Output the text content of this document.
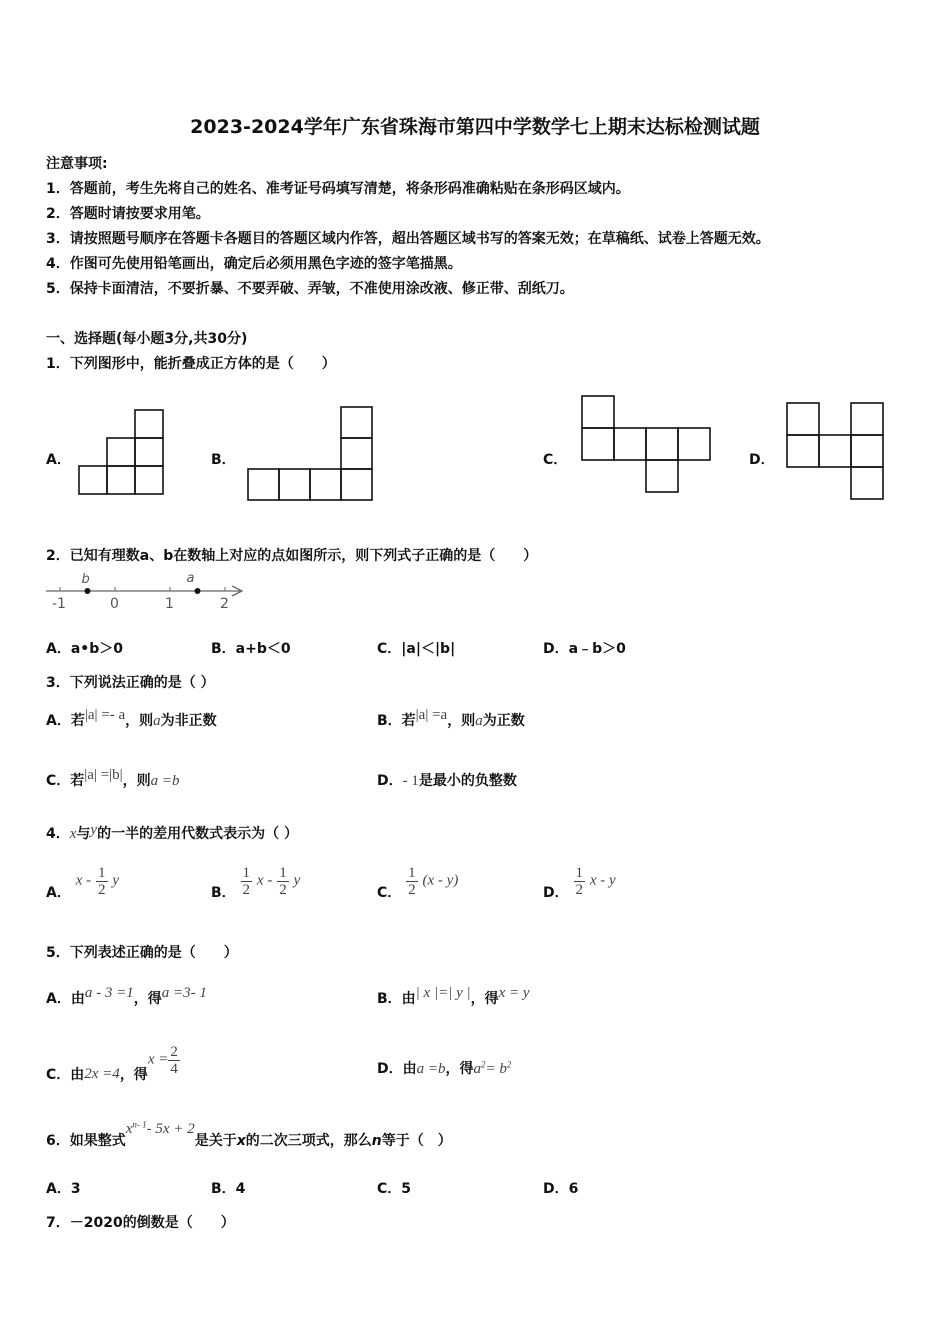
2023-2024学年广东省珠海市第四中学数学七上期末达标检测试题
注意事项:
1．答题前，考生先将自己的姓名、准考证号码填写清楚，将条形码准确粘贴在条形码区域内。
2．答题时请按要求用笔。
3．请按照题号顺序在答题卡各题目的答题区域内作答，超出答题区域书写的答案无效；在草稿纸、试卷上答题无效。
4．作图可先使用铅笔画出，确定后必须用黑色字迹的签字笔描黑。
5．保持卡面清洁，不要折暴、不要弄破、弄皱，不准使用涂改液、修正带、刮纸刀。
一、选择题(每小题3分,共30分)
1．下列图形中，能折叠成正方体的是（　　）
A．	B．	C．	D．
2．已知有理数a、b在数轴上对应的点如图所示，则下列式子正确的是（　　）
-1	0	1	2
b	a
A．a•b＞0	B．a+b＜0	C．|a|＜|b|	D．a﹣b＞0
3．下列说法正确的是（ ）
A．若|a| =- a，则a为非正数	B．若|a| =a，则a为正数
C．若|a| =|b|，则a =b	D．- 1是最小的负整数
4．x与y的一半的差用代数式表示为（ ）
A． x - $\frac{1}{2}$ y
B． $\frac{1}{2}$ x - $\frac{1}{2}$ y
C． $\frac{1}{2} (x - y)$
D． $\frac{1}{2}$ x - y
5．下列表述正确的是（　　）
A．由a - 3 =1，得a =3- 1	B．由| x |=| y |，得x = y
C．由2x =4，得$x = \frac{2}{4}$	D．由a =b，得$a^2= b^2$
6．如果整式$x^{n- 1}-$ 5x + 2是关于x的二次三项式，那么n等于（　）
A．3	B．4	C．5	D．6
7．－2020的倒数是（　　）
